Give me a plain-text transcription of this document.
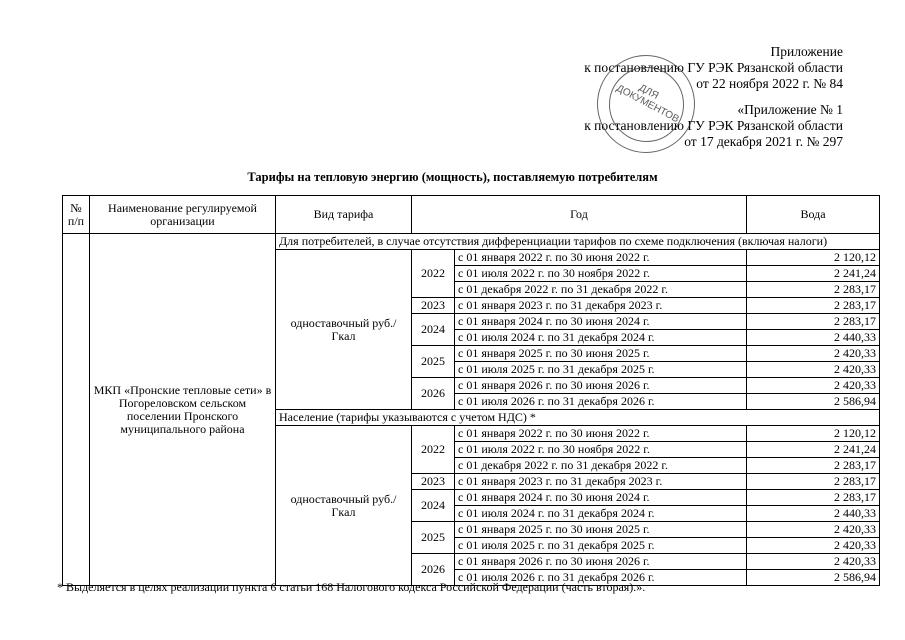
Приложение
к постановлению ГУ РЭК Рязанской области
от 22 ноября 2022 г. № 84
«Приложение № 1
к постановлению ГУ РЭК Рязанской области
от 17 декабря 2021 г. № 297
ДЛЯ ДОКУМЕНТОВ
Тарифы на тепловую энергию (мощность), поставляемую потребителям
№ п/п	Наименование регулируемой организации	Вид тарифа	Год		Вода
	МКП «Пронские тепловые сети» в Погореловском сельском поселении Пронского муниципального района	Для потребителей, в случае отсутствия дифференциации тарифов по схеме подключения (включая налоги)			
		одноставочный руб./Гкал	2022	с 01 января 2022 г. по 30 июня 2022 г.	2 120,12
				с 01 июля 2022 г. по 30 ноября 2022 г.	2 241,24
				с 01 декабря 2022 г. по 31 декабря 2022 г.	2 283,17
			2023	с 01 января 2023 г. по 31 декабря 2023 г.	2 283,17
			2024	с 01 января 2024 г. по 30 июня 2024 г.	2 283,17
				с 01 июля 2024 г. по 31 декабря 2024 г.	2 440,33
			2025	с 01 января 2025 г. по 30 июня 2025 г.	2 420,33
				с 01 июля 2025 г. по 31 декабря 2025 г.	2 420,33
			2026	с 01 января 2026 г. по 30 июня 2026 г.	2 420,33
				с 01 июля 2026 г. по 31 декабря 2026 г.	2 586,94
		Население (тарифы указываются с учетом НДС) *			
		одноставочный руб./Гкал	2022	с 01 января 2022 г. по 30 июня 2022 г.	2 120,12
				с 01 июля 2022 г. по 30 ноября 2022 г.	2 241,24
				с 01 декабря 2022 г. по 31 декабря 2022 г.	2 283,17
			2023	с 01 января 2023 г. по 31 декабря 2023 г.	2 283,17
			2024	с 01 января 2024 г. по 30 июня 2024 г.	2 283,17
				с 01 июля 2024 г. по 31 декабря 2024 г.	2 440,33
			2025	с 01 января 2025 г. по 30 июня 2025 г.	2 420,33
				с 01 июля 2025 г. по 31 декабря 2025 г.	2 420,33
			2026	с 01 января 2026 г. по 30 июня 2026 г.	2 420,33
				с 01 июля 2026 г. по 31 декабря 2026 г.	2 586,94
* Выделяется в целях реализации пункта 6 статьи 168 Налогового кодекса Российской Федерации (часть вторая).».
